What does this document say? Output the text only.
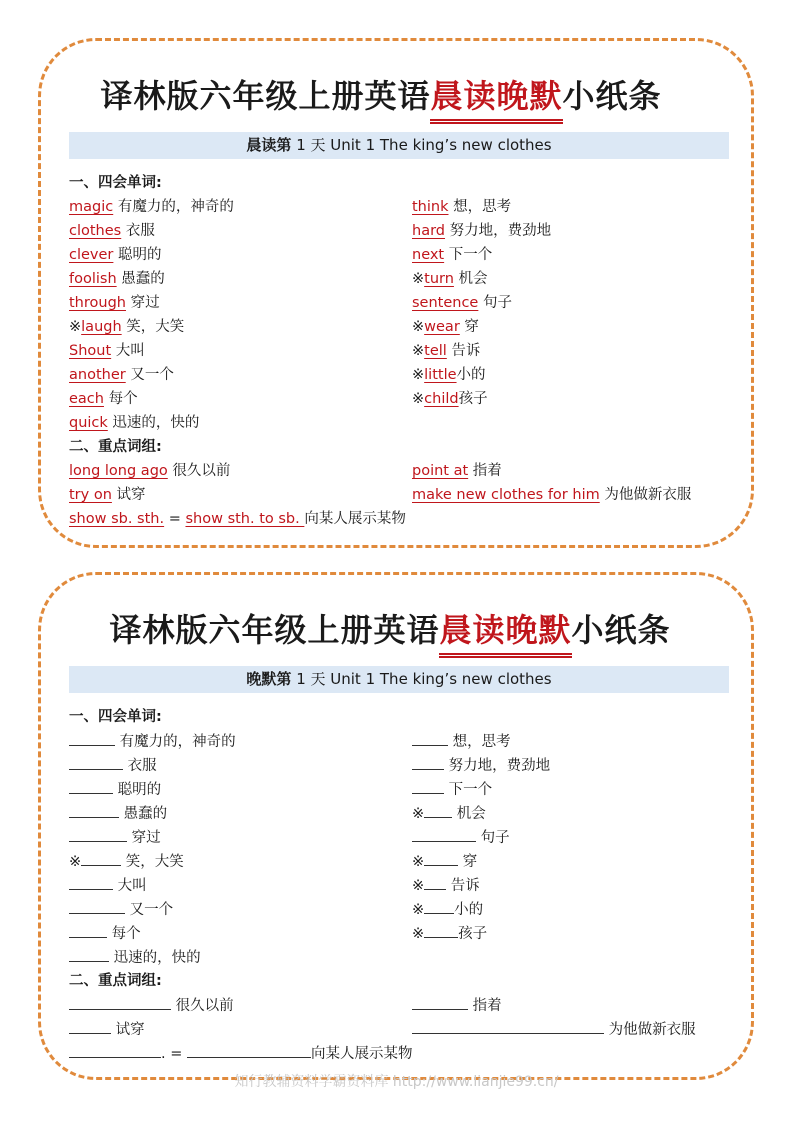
译林版六年级上册英语晨读晚默小纸条
晨读第 1 天 Unit 1 The king’s new clothes
一、四会单词:
magic 有魔力的，神奇的
clothes 衣服
clever 聪明的
foolish 愚蠢的
through 穿过
※laugh 笑，大笑
Shout 大叫
another 又一个
each 每个
quick 迅速的，快的
think 想，思考
hard 努力地，费劲地
next 下一个
※turn 机会
sentence 句子
※wear 穿
※tell 告诉
※little小的
※child孩子
二、重点词组:
long long ago 很久以前
try on 试穿
point at 指着
make new clothes for him 为他做新衣服
show sb. sth. = show sth. to sb. 向某人展示某物
译林版六年级上册英语晨读晚默小纸条
晚默第 1 天 Unit 1 The king’s new clothes
一、四会单词:
有魔力的，神奇的
衣服
聪明的
愚蠢的
穿过
※	笑，大笑
大叫
又一个
每个
迅速的，快的
想，思考
努力地，费劲地
下一个
※ 机会
句子
※ 穿
※ 告诉
※ 小的
※ 孩子
二、重点词组:
很久以前
试穿
指着
为他做新衣服
. =	向某人展示某物
知行教辅资料学霸资料库 http://www.lianjie99.cn/
